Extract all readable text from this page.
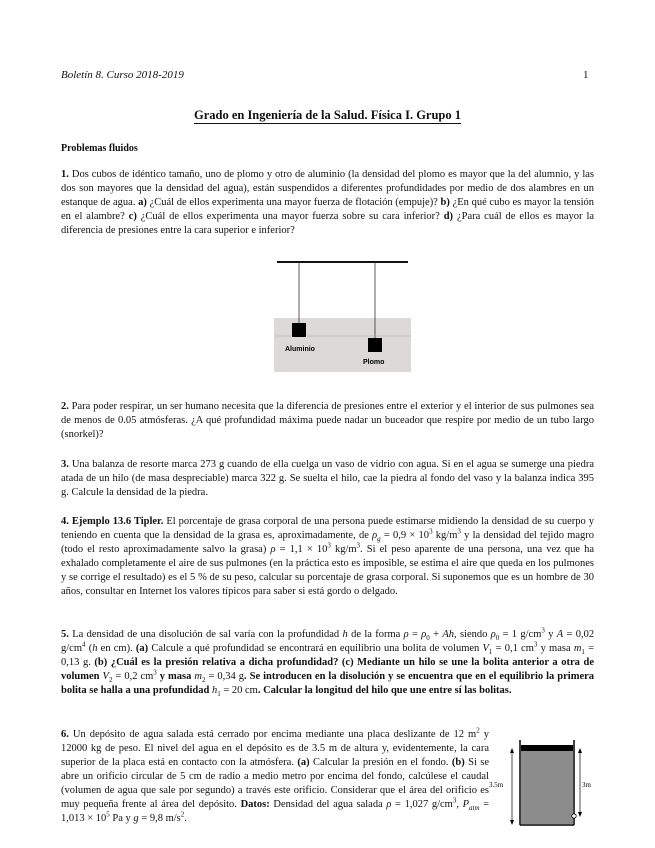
Boletín 8. Curso 2018-2019	1
Grado en Ingeniería de la Salud. Física I. Grupo 1
Problemas fluidos

1. Dos cubos de idéntico tamaño, uno de plomo y otro de aluminio (la densidad del plomo es mayor que la del alumnio, y las dos son mayores que la densidad del agua), están suspendidos a diferentes profundidades por medio de dos alambres en un estanque de agua. a) ¿Cuál de ellos experimenta una mayor fuerza de flotación (empuje)? b) ¿En qué cubo es mayor la tensión en el alambre? c) ¿Cuál de ellos experimenta una mayor fuerza sobre su cara inferior? d) ¿Para cuál de ellos es mayor la diferencia de presiones entre la cara superior e inferior?

Aluminio
Plomo

2. Para poder respirar, un ser humano necesita que la diferencia de presiones entre el exterior y el interior de sus pulmones sea de menos de 0.05 atmósferas. ¿A qué profundidad máxima puede nadar un buceador que respire por medio de un tubo largo (snorkel)?

3. Una balanza de resorte marca 273 g cuando de ella cuelga un vaso de vidrio con agua. Si en el agua se sumerge una piedra atada de un hilo (de masa despreciable) marca 322 g. Se suelta el hilo, cae la piedra al fondo del vaso y la balanza indica 395 g. Calcule la densidad de la piedra.

4. Ejemplo 13.6 Tipler. El porcentaje de grasa corporal de una persona puede estimarse midiendo la densidad de su cuerpo y teniendo en cuenta que la densidad de la grasa es, aproximadamente, de $\rho_g = 0,9 \times 10^3$ $kg/m^3$ y la densidad del tejido magro (todo el resto aproximadamente salvo la grasa) $\rho = 1,1 \times 10^3$ $kg/m^3$. Si el peso aparente de una persona, una vez que ha exhalado completamente el aire de sus pulmones (en la práctica esto es imposible, se estima el aire que queda en los pulmones y se corrige el resultado) es el 5 % de su peso, calcular su porcentaje de grasa corporal. Si suponemos que es un hombre de 30 años, consultar en Internet los valores típicos para saber si está gordo o delgado.

5. La densidad de una disolución de sal varía con la profundidad h de la forma $\rho = \rho_0 + Ah$, siendo $\rho_0 = 1$ $g/cm^3$ y A = 0,02 $g/cm^4$ (h en cm). (a) Calcule a qué profundidad se encontrará en equilibrio una bolita de volumen $V_1 = 0,1$ $cm^3$ y masa $m_1 = 0,13$ g. (b) ¿Cuál es la presión relativa a dicha profundidad? (c) Mediante un hilo se une la bolita anterior a otra de volumen $V_2 = 0,2$ $cm^3$ y masa $m_2 = 0,34$ g. Se introducen en la disolución y se encuentra que en el equilibrio la primera bolita se halla a una profundidad $h_1 = 20$ cm. Calcular la longitud del hilo que une entre sí las bolitas.

6. Un depósito de agua salada está cerrado por encima mediante una placa deslizante de 12 $m^2$ y 12000 kg de peso. El nivel del agua en el depósito es de 3.5 m de altura y, evidentemente, la cara superior de la placa está en contacto con la atmósfera. (a) Calcular la presión en el fondo. (b) Si se abre un orificio circular de 5 cm de radio a medio metro por encima del fondo, calcúlese el caudal (volumen de agua que sale por segundo) a través este orificio. Considerar que el área del orificio es muy pequeña frente al área del depósito. Datos: Densidad del agua salada ρ = 1,027 $g/cm^3$, $P_{atm} = 1,013 \times 10^5$ Pa y g = 9,8 $m/s^2$.

3.5m	3m
